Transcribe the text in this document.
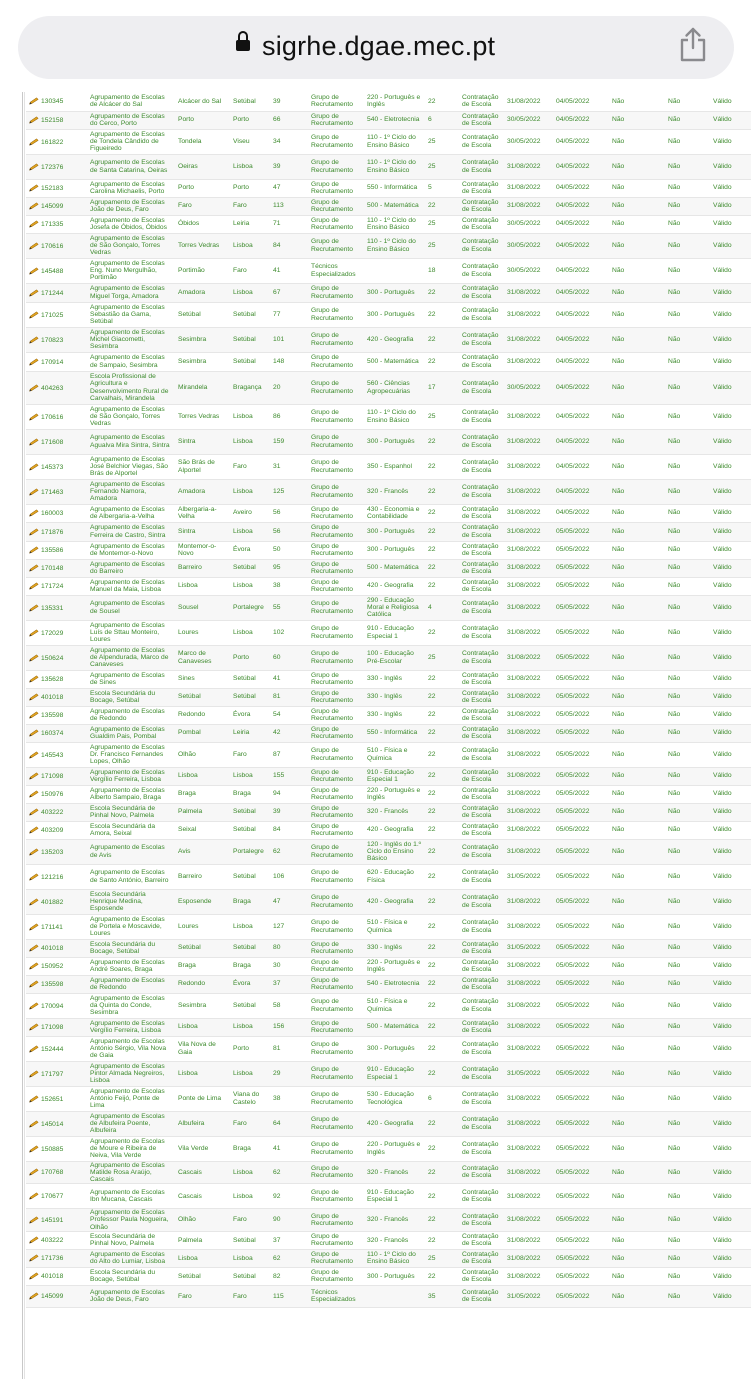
sigrhe.dgae.mec.pt
130345	Agrupamento de Escolas de Alcácer do Sal	Alcácer do Sal	Setúbal	39	Grupo de Recrutamento	220 - Português e Inglês	22	Contratação de Escola	31/08/2022	04/05/2022	Não	Não	Válido

152158	Agrupamento de Escolas do Cerco, Porto	Porto	Porto	66	Grupo de Recrutamento	540 - Eletrotecnia	6	Contratação de Escola	30/05/2022	04/05/2022	Não	Não	Válido

161822	Agrupamento de Escolas de Tondela Cândido de Figueiredo	Tondela	Viseu	34	Grupo de Recrutamento	110 - 1º Ciclo do Ensino Básico	25	Contratação de Escola	30/05/2022	04/05/2022	Não	Não	Válido

172376	Agrupamento de Escolas de Santa Catarina, Oeiras	Oeiras	Lisboa	39	Grupo de Recrutamento	110 - 1º Ciclo do Ensino Básico	25	Contratação de Escola	31/08/2022	04/05/2022	Não	Não	Válido

152183	Agrupamento de Escolas Carolina Michaelis, Porto	Porto	Porto	47	Grupo de Recrutamento	550 - Informática	5	Contratação de Escola	31/08/2022	04/05/2022	Não	Não	Válido

145099	Agrupamento de Escolas João de Deus, Faro	Faro	Faro	113	Grupo de Recrutamento	500 - Matemática	22	Contratação de Escola	31/08/2022	04/05/2022	Não	Não	Válido

171335	Agrupamento de Escolas Josefa de Óbidos, Óbidos	Óbidos	Leiria	71	Grupo de Recrutamento	110 - 1º Ciclo do Ensino Básico	25	Contratação de Escola	30/05/2022	04/05/2022	Não	Não	Válido

170616	Agrupamento de Escolas de São Gonçalo, Torres Vedras	Torres Vedras	Lisboa	84	Grupo de Recrutamento	110 - 1º Ciclo do Ensino Básico	25	Contratação de Escola	30/05/2022	04/05/2022	Não	Não	Válido

145488	Agrupamento de Escolas Eng. Nuno Mergulhão, Portimão	Portimão	Faro	41	Técnicos Especializados		18	Contratação de Escola	30/05/2022	04/05/2022	Não	Não	Válido

171244	Agrupamento de Escolas Miguel Torga, Amadora	Amadora	Lisboa	67	Grupo de Recrutamento	300 - Português	22	Contratação de Escola	31/08/2022	04/05/2022	Não	Não	Válido

171025	Agrupamento de Escolas Sebastião da Gama, Setúbal	Setúbal	Setúbal	77	Grupo de Recrutamento	300 - Português	22	Contratação de Escola	31/08/2022	04/05/2022	Não	Não	Válido

170823	Agrupamento de Escolas Michel Giacometti, Sesimbra	Sesimbra	Setúbal	101	Grupo de Recrutamento	420 - Geografia	22	Contratação de Escola	31/08/2022	04/05/2022	Não	Não	Válido

170914	Agrupamento de Escolas de Sampaio, Sesimbra	Sesimbra	Setúbal	148	Grupo de Recrutamento	500 - Matemática	22	Contratação de Escola	31/08/2022	04/05/2022	Não	Não	Válido

404263	Escola Profissional de Agricultura e Desenvolvimento Rural de Carvalhais, Mirandela	Mirandela	Bragança	20	Grupo de Recrutamento	560 - Ciências Agropecuárias	17	Contratação de Escola	30/05/2022	04/05/2022	Não	Não	Válido

170616	Agrupamento de Escolas de São Gonçalo, Torres Vedras	Torres Vedras	Lisboa	86	Grupo de Recrutamento	110 - 1º Ciclo do Ensino Básico	25	Contratação de Escola	31/08/2022	04/05/2022	Não	Não	Válido

171608	Agrupamento de Escolas Agualva Mira Sintra, Sintra	Sintra	Lisboa	159	Grupo de Recrutamento	300 - Português	22	Contratação de Escola	31/08/2022	04/05/2022	Não	Não	Válido

145373	Agrupamento de Escolas José Belchior Viegas, São Brás de Alportel	São Brás de Alportel	Faro	31	Grupo de Recrutamento	350 - Espanhol	22	Contratação de Escola	31/08/2022	04/05/2022	Não	Não	Válido

171463	Agrupamento de Escolas Fernando Namora, Amadora	Amadora	Lisboa	125	Grupo de Recrutamento	320 - Francês	22	Contratação de Escola	31/08/2022	04/05/2022	Não	Não	Válido

160003	Agrupamento de Escolas de Albergaria-a-Velha	Albergaria-a-Velha	Aveiro	56	Grupo de Recrutamento	430 - Economia e Contabilidade	22	Contratação de Escola	31/08/2022	04/05/2022	Não	Não	Válido

171876	Agrupamento de Escolas Ferreira de Castro, Sintra	Sintra	Lisboa	56	Grupo de Recrutamento	300 - Português	22	Contratação de Escola	31/08/2022	05/05/2022	Não	Não	Válido

135586	Agrupamento de Escolas de Montemor-o-Novo	Montemor-o-Novo	Évora	50	Grupo de Recrutamento	300 - Português	22	Contratação de Escola	31/08/2022	05/05/2022	Não	Não	Válido

170148	Agrupamento de Escolas do Barreiro	Barreiro	Setúbal	95	Grupo de Recrutamento	500 - Matemática	22	Contratação de Escola	31/08/2022	05/05/2022	Não	Não	Válido

171724	Agrupamento de Escolas Manuel da Maia, Lisboa	Lisboa	Lisboa	38	Grupo de Recrutamento	420 - Geografia	22	Contratação de Escola	31/08/2022	05/05/2022	Não	Não	Válido

135331	Agrupamento de Escolas de Sousel	Sousel	Portalegre	55	Grupo de Recrutamento	290 - Educação Moral e Religiosa Católica	4	Contratação de Escola	31/08/2022	05/05/2022	Não	Não	Válido

172029	Agrupamento de Escolas Luís de Sttau Monteiro, Loures	Loures	Lisboa	102	Grupo de Recrutamento	910 - Educação Especial 1	22	Contratação de Escola	31/08/2022	05/05/2022	Não	Não	Válido

150624	Agrupamento de Escolas de Alpendurada, Marco de Canaveses	Marco de Canaveses	Porto	60	Grupo de Recrutamento	100 - Educação Pré-Escolar	25	Contratação de Escola	31/08/2022	05/05/2022	Não	Não	Válido

135628	Agrupamento de Escolas de Sines	Sines	Setúbal	41	Grupo de Recrutamento	330 - Inglês	22	Contratação de Escola	31/08/2022	05/05/2022	Não	Não	Válido

401018	Escola Secundária du Bocage, Setúbal	Setúbal	Setúbal	81	Grupo de Recrutamento	330 - Inglês	22	Contratação de Escola	31/08/2022	05/05/2022	Não	Não	Válido

135598	Agrupamento de Escolas de Redondo	Redondo	Évora	54	Grupo de Recrutamento	330 - Inglês	22	Contratação de Escola	31/08/2022	05/05/2022	Não	Não	Válido

160374	Agrupamento de Escolas Gualdim Pais, Pombal	Pombal	Leiria	42	Grupo de Recrutamento	550 - Informática	22	Contratação de Escola	31/08/2022	05/05/2022	Não	Não	Válido

145543	Agrupamento de Escolas Dr. Francisco Fernandes Lopes, Olhão	Olhão	Faro	87	Grupo de Recrutamento	510 - Física e Química	22	Contratação de Escola	31/08/2022	05/05/2022	Não	Não	Válido

171098	Agrupamento de Escolas Vergílio Ferreira, Lisboa	Lisboa	Lisboa	155	Grupo de Recrutamento	910 - Educação Especial 1	22	Contratação de Escola	31/08/2022	05/05/2022	Não	Não	Válido

150976	Agrupamento de Escolas Alberto Sampaio, Braga	Braga	Braga	94	Grupo de Recrutamento	220 - Português e Inglês	22	Contratação de Escola	31/08/2022	05/05/2022	Não	Não	Válido

403222	Escola Secundária de Pinhal Novo, Palmela	Palmela	Setúbal	39	Grupo de Recrutamento	320 - Francês	22	Contratação de Escola	31/08/2022	05/05/2022	Não	Não	Válido

403209	Escola Secundária da Amora, Seixal	Seixal	Setúbal	84	Grupo de Recrutamento	420 - Geografia	22	Contratação de Escola	31/08/2022	05/05/2022	Não	Não	Válido

135203	Agrupamento de Escolas de Avis	Avis	Portalegre	62	Grupo de Recrutamento	120 - Inglês do 1.º Ciclo do Ensino Básico	22	Contratação de Escola	31/08/2022	05/05/2022	Não	Não	Válido

121216	Agrupamento de Escolas de Santo António, Barreiro	Barreiro	Setúbal	106	Grupo de Recrutamento	620 - Educação Física	22	Contratação de Escola	31/05/2022	05/05/2022	Não	Não	Válido

401882	Escola Secundária Henrique Medina, Esposende	Esposende	Braga	47	Grupo de Recrutamento	420 - Geografia	22	Contratação de Escola	31/08/2022	05/05/2022	Não	Não	Válido

171141	Agrupamento de Escolas de Portela e Moscavide, Loures	Loures	Lisboa	127	Grupo de Recrutamento	510 - Física e Química	22	Contratação de Escola	31/08/2022	05/05/2022	Não	Não	Válido

401018	Escola Secundária du Bocage, Setúbal	Setúbal	Setúbal	80	Grupo de Recrutamento	330 - Inglês	22	Contratação de Escola	31/05/2022	05/05/2022	Não	Não	Válido

150952	Agrupamento de Escolas André Soares, Braga	Braga	Braga	30	Grupo de Recrutamento	220 - Português e Inglês	22	Contratação de Escola	31/08/2022	05/05/2022	Não	Não	Válido

135598	Agrupamento de Escolas de Redondo	Redondo	Évora	37	Grupo de Recrutamento	540 - Eletrotecnia	22	Contratação de Escola	31/08/2022	05/05/2022	Não	Não	Válido

170094	Agrupamento de Escolas da Quinta do Conde, Sesimbra	Sesimbra	Setúbal	58	Grupo de Recrutamento	510 - Física e Química	22	Contratação de Escola	31/08/2022	05/05/2022	Não	Não	Válido

171098	Agrupamento de Escolas Vergílio Ferreira, Lisboa	Lisboa	Lisboa	156	Grupo de Recrutamento	500 - Matemática	22	Contratação de Escola	31/08/2022	05/05/2022	Não	Não	Válido

152444	Agrupamento de Escolas António Sérgio, Vila Nova de Gaia	Vila Nova de Gaia	Porto	81	Grupo de Recrutamento	300 - Português	22	Contratação de Escola	31/08/2022	05/05/2022	Não	Não	Válido

171797	Agrupamento de Escolas Pintor Almada Negreiros, Lisboa	Lisboa	Lisboa	29	Grupo de Recrutamento	910 - Educação Especial 1	22	Contratação de Escola	31/05/2022	05/05/2022	Não	Não	Válido

152651	Agrupamento de Escolas António Feijó, Ponte de Lima	Ponte de Lima	Viana do Castelo	38	Grupo de Recrutamento	530 - Educação Tecnológica	6	Contratação de Escola	31/08/2022	05/05/2022	Não	Não	Válido

145014	Agrupamento de Escolas de Albufeira Poente, Albufeira	Albufeira	Faro	64	Grupo de Recrutamento	420 - Geografia	22	Contratação de Escola	31/08/2022	05/05/2022	Não	Não	Válido

150885	Agrupamento de Escolas de Moure e Ribeira de Neiva, Vila Verde	Vila Verde	Braga	41	Grupo de Recrutamento	220 - Português e Inglês	22	Contratação de Escola	31/08/2022	05/05/2022	Não	Não	Válido

170768	Agrupamento de Escolas Matilde Rosa Araújo, Cascais	Cascais	Lisboa	62	Grupo de Recrutamento	320 - Francês	22	Contratação de Escola	31/08/2022	05/05/2022	Não	Não	Válido

170677	Agrupamento de Escolas Ibn Mucana, Cascais	Cascais	Lisboa	92	Grupo de Recrutamento	910 - Educação Especial 1	22	Contratação de Escola	31/08/2022	05/05/2022	Não	Não	Válido

145191	Agrupamento de Escolas Professor Paula Nogueira, Olhão	Olhão	Faro	90	Grupo de Recrutamento	320 - Francês	22	Contratação de Escola	31/08/2022	05/05/2022	Não	Não	Válido

403222	Escola Secundária de Pinhal Novo, Palmela	Palmela	Setúbal	37	Grupo de Recrutamento	320 - Francês	22	Contratação de Escola	31/08/2022	05/05/2022	Não	Não	Válido

171736	Agrupamento de Escolas do Alto do Lumiar, Lisboa	Lisboa	Lisboa	62	Grupo de Recrutamento	110 - 1º Ciclo do Ensino Básico	25	Contratação de Escola	31/08/2022	05/05/2022	Não	Não	Válido

401018	Escola Secundária du Bocage, Setúbal	Setúbal	Setúbal	82	Grupo de Recrutamento	300 - Português	22	Contratação de Escola	31/08/2022	05/05/2022	Não	Não	Válido

145099	Agrupamento de Escolas João de Deus, Faro	Faro	Faro	115	Técnicos Especializados		35	Contratação de Escola	31/05/2022	05/05/2022	Não	Não	Válido
